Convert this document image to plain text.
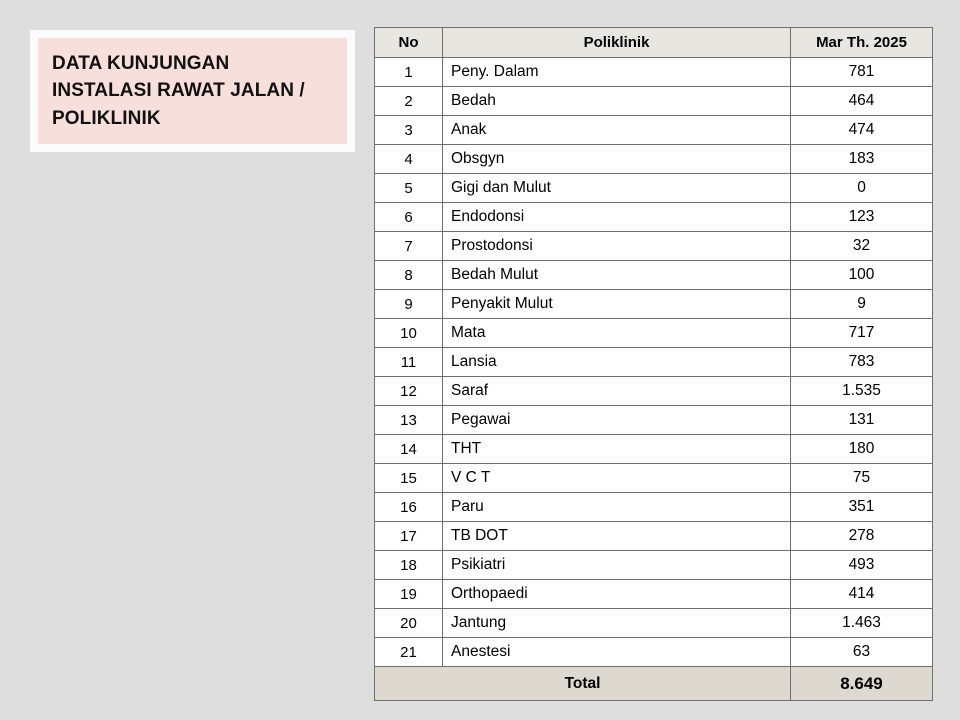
DATA KUNJUNGAN INSTALASI RAWAT JALAN / POLIKLINIK
No	Poliklinik	Mar Th. 2025
1	Peny. Dalam	781
2	Bedah	464
3	Anak	474
4	Obsgyn	183
5	Gigi dan Mulut	0
6	Endodonsi	123
7	Prostodonsi	32
8	Bedah Mulut	100
9	Penyakit Mulut	9
10	Mata	717
11	Lansia	783
12	Saraf	1.535
13	Pegawai	131
14	THT	180
15	V C T	75
16	Paru	351
17	TB DOT	278
18	Psikiatri	493
19	Orthopaedi	414
20	Jantung	1.463
21	Anestesi	63
Total		8.649
